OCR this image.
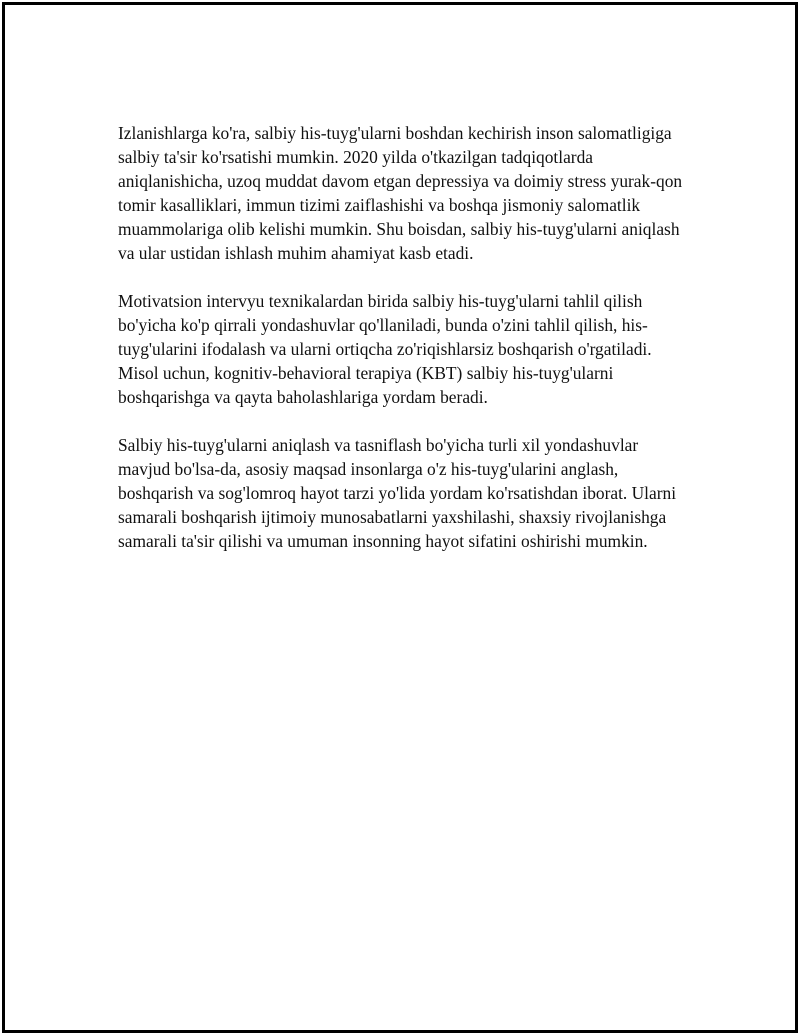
Izlanishlarga ko'ra, salbiy his-tuyg'ularni boshdan kechirish inson salomatligiga salbiy ta'sir ko'rsatishi mumkin. 2020 yilda o'tkazilgan tadqiqotlarda aniqlanishicha, uzoq muddat davom etgan depressiya va doimiy stress yurak-qon tomir kasalliklari, immun tizimi zaiflashishi va boshqa jismoniy salomatlik muammolariga olib kelishi mumkin. Shu boisdan, salbiy his-tuyg'ularni aniqlash va ular ustidan ishlash muhim ahamiyat kasb etadi.

Motivatsion intervyu texnikalardan birida salbiy his-tuyg'ularni tahlil qilish bo'yicha ko'p qirrali yondashuvlar qo'llaniladi, bunda o'zini tahlil qilish, his-tuyg'ularini ifodalash va ularni ortiqcha zo'riqishlarsiz boshqarish o'rgatiladi. Misol uchun, kognitiv-behavioral terapiya (KBT) salbiy his-tuyg'ularni boshqarishga va qayta baholashlariga yordam beradi.

Salbiy his-tuyg'ularni aniqlash va tasniflash bo'yicha turli xil yondashuvlar mavjud bo'lsa-da, asosiy maqsad insonlarga o'z his-tuyg'ularini anglash, boshqarish va sog'lomroq hayot tarzi yo'lida yordam ko'rsatishdan iborat. Ularni samarali boshqarish ijtimoiy munosabatlarni yaxshilashi, shaxsiy rivojlanishga samarali ta'sir qilishi va umuman insonning hayot sifatini oshirishi mumkin.
